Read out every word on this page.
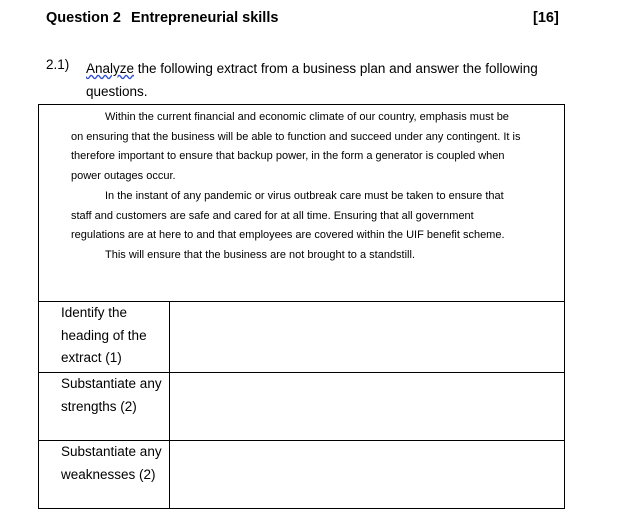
Question 2 Entrepreneurial skills	[16]
2.1) Analyze the following extract from a business plan and answer the following questions.

Within the current financial and economic climate of our country, emphasis must be on ensuring that the business will be able to function and succeed under any contingent. It is therefore important to ensure that backup power, in the form a generator is coupled when power outages occur.

In the instant of any pandemic or virus outbreak care must be taken to ensure that staff and customers are safe and cared for at all time. Ensuring that all government regulations are at here to and that employees are covered within the UIF benefit scheme.

This will ensure that the business are not brought to a standstill.

Identify the heading of the extract (1)	
Substantiate any strengths (2)	
Substantiate any weaknesses (2)	
